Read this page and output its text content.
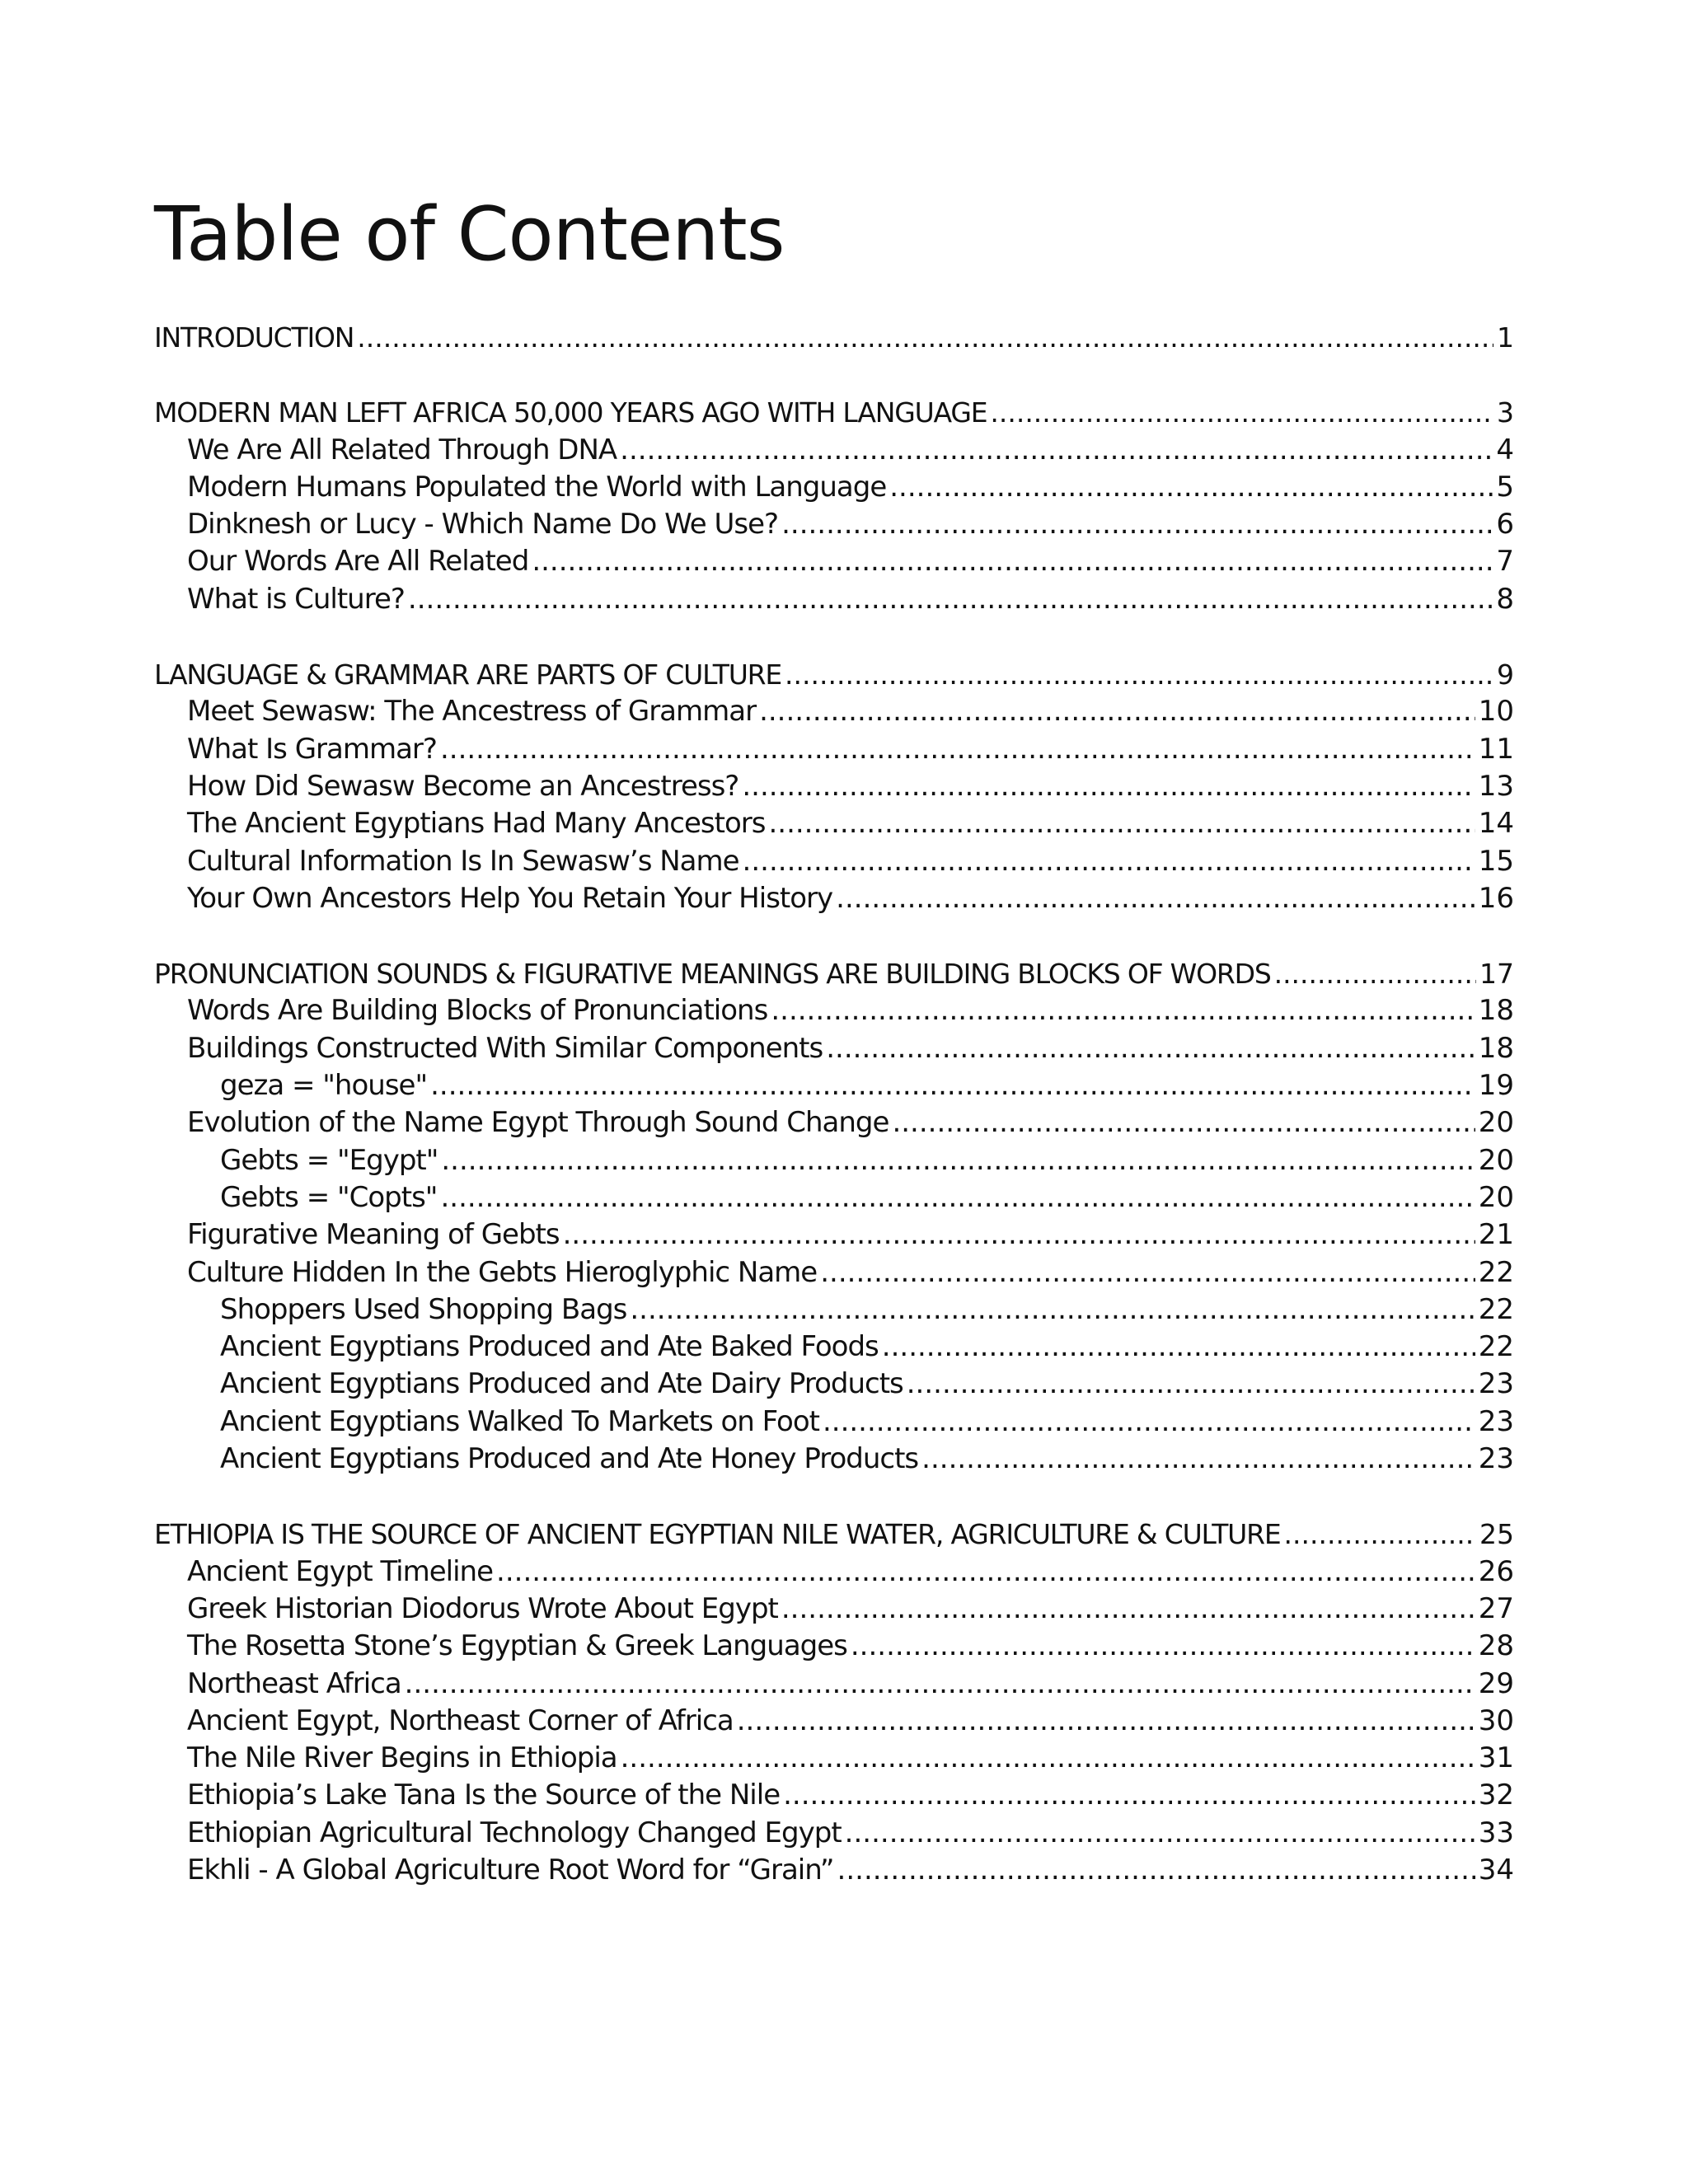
Table of Contents
INTRODUCTION .....	1
MODERN MAN LEFT AFRICA 50,000 YEARS AGO WITH LANGUAGE .....	3
We Are All Related Through DNA .....	4
Modern Humans Populated the World with Language .....	5
Dinknesh or Lucy - Which Name Do We Use? .....	6
Our Words Are All Related .....	7
What is Culture? .....	8
LANGUAGE & GRAMMAR ARE PARTS OF CULTURE .....	9
Meet Sewasw: The Ancestress of Grammar .....	10
What Is Grammar? .....	11
How Did Sewasw Become an Ancestress? .....	13
The Ancient Egyptians Had Many Ancestors .....	14
Cultural Information Is In Sewasw’s Name .....	15
Your Own Ancestors Help You Retain Your History .....	16
PRONUNCIATION SOUNDS & FIGURATIVE MEANINGS ARE BUILDING BLOCKS OF WORDS .....	17
Words Are Building Blocks of Pronunciations .....	18
Buildings Constructed With Similar Components .....	18
geza = "house" .....	19
Evolution of the Name Egypt Through Sound Change .....	20
Gebts = "Egypt" .....	20
Gebts = "Copts" .....	20
Figurative Meaning of Gebts .....	21
Culture Hidden In the Gebts Hieroglyphic Name .....	22
Shoppers Used Shopping Bags .....	22
Ancient Egyptians Produced and Ate Baked Foods .....	22
Ancient Egyptians Produced and Ate Dairy Products .....	23
Ancient Egyptians Walked To Markets on Foot .....	23
Ancient Egyptians Produced and Ate Honey Products .....	23
ETHIOPIA IS THE SOURCE OF ANCIENT EGYPTIAN NILE WATER, AGRICULTURE & CULTURE .....	25
Ancient Egypt Timeline .....	26
Greek Historian Diodorus Wrote About Egypt .....	27
The Rosetta Stone’s Egyptian & Greek Languages .....	28
Northeast Africa .....	29
Ancient Egypt, Northeast Corner of Africa .....	30
The Nile River Begins in Ethiopia .....	31
Ethiopia’s Lake Tana Is the Source of the Nile .....	32
Ethiopian Agricultural Technology Changed Egypt .....	33
Ekhli - A Global Agriculture Root Word for “Grain” .....	34
